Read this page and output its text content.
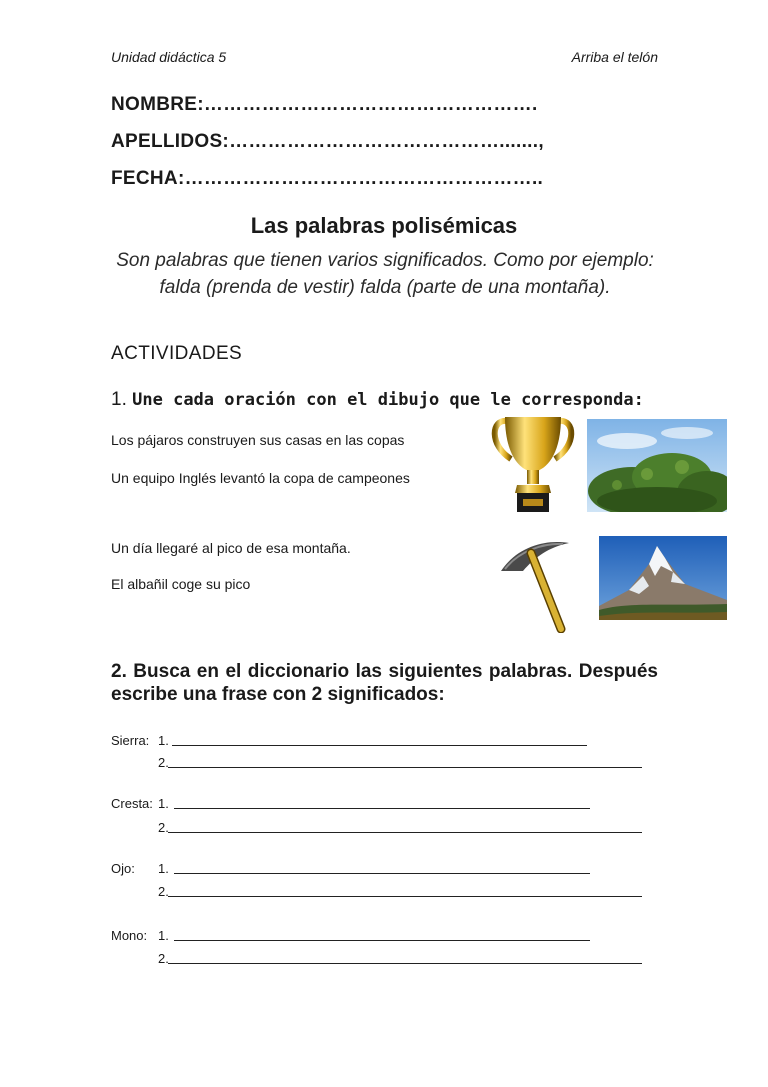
Unidad didáctica 5	Arriba el telón
NOMBRE:…………………………………………….
APELLIDOS:…………………………………….......,
FECHA:………………………………………………..
Las palabras polisémicas
Son palabras que tienen varios significados. Como por ejemplo: falda (prenda de vestir) falda (parte de una montaña).
ACTIVIDADES
1. Une cada oración con el dibujo que le corresponda:
Los pájaros construyen sus casas en las copas
Un equipo Inglés levantó la copa de campeones
Un día llegaré al pico de esa montaña.
El albañil coge su pico
2. Busca en el diccionario las siguientes palabras. Después escribe una frase con 2 significados:
Sierra: 1.
2.
Cresta: 1.
2.
Ojo: 1.
2.
Mono: 1.
2.
